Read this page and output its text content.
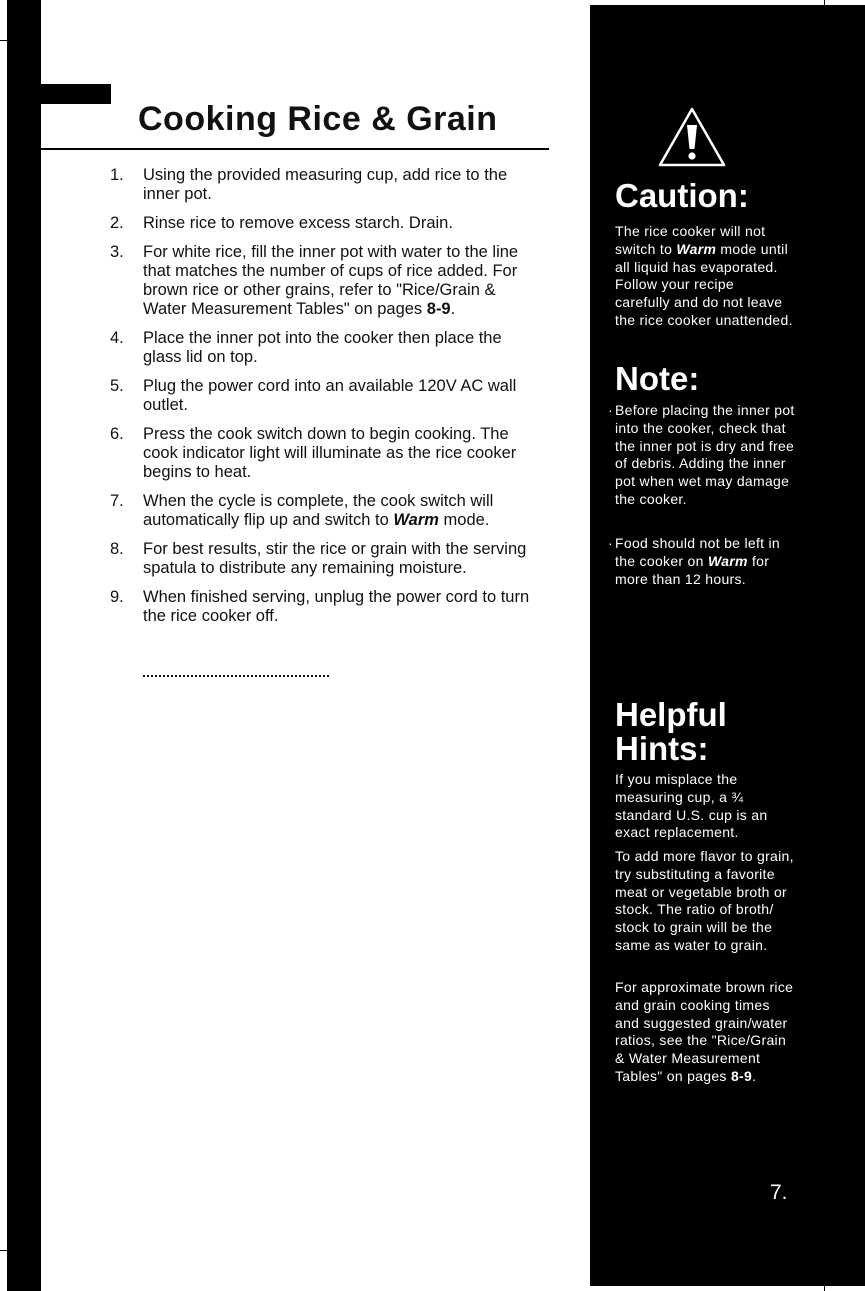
Cooking Rice & Grain
1. Using the provided measuring cup, add rice to the inner pot.
2. Rinse rice to remove excess starch. Drain.
3. For white rice, fill the inner pot with water to the line that matches the number of cups of rice added. For brown rice or other grains, refer to "Rice/Grain & Water Measurement Tables" on pages 8-9.
4. Place the inner pot into the cooker then place the glass lid on top.
5. Plug the power cord into an available 120V AC wall outlet.
6. Press the cook switch down to begin cooking. The cook indicator light will illuminate as the rice cooker begins to heat.
7. When the cycle is complete, the cook switch will automatically flip up and switch to Warm mode.
8. For best results, stir the rice or grain with the serving spatula to distribute any remaining moisture.
9. When finished serving, unplug the power cord to turn the rice cooker off.
Caution:

The rice cooker will not switch to Warm mode until all liquid has evaporated. Follow your recipe carefully and do not leave the rice cooker unattended.

Note:

· Before placing the inner pot into the cooker, check that the inner pot is dry and free of debris. Adding the inner pot when wet may damage the cooker.

· Food should not be left in the cooker on Warm for more than 12 hours.

Helpful
Hints:

If you misplace the measuring cup, a ¾ standard U.S. cup is an exact replacement.

To add more flavor to grain, try substituting a favorite meat or vegetable broth or stock. The ratio of broth/ stock to grain will be the same as water to grain.

For approximate brown rice and grain cooking times and suggested grain/water ratios, see the "Rice/Grain & Water Measurement Tables" on pages 8-9.

7.
